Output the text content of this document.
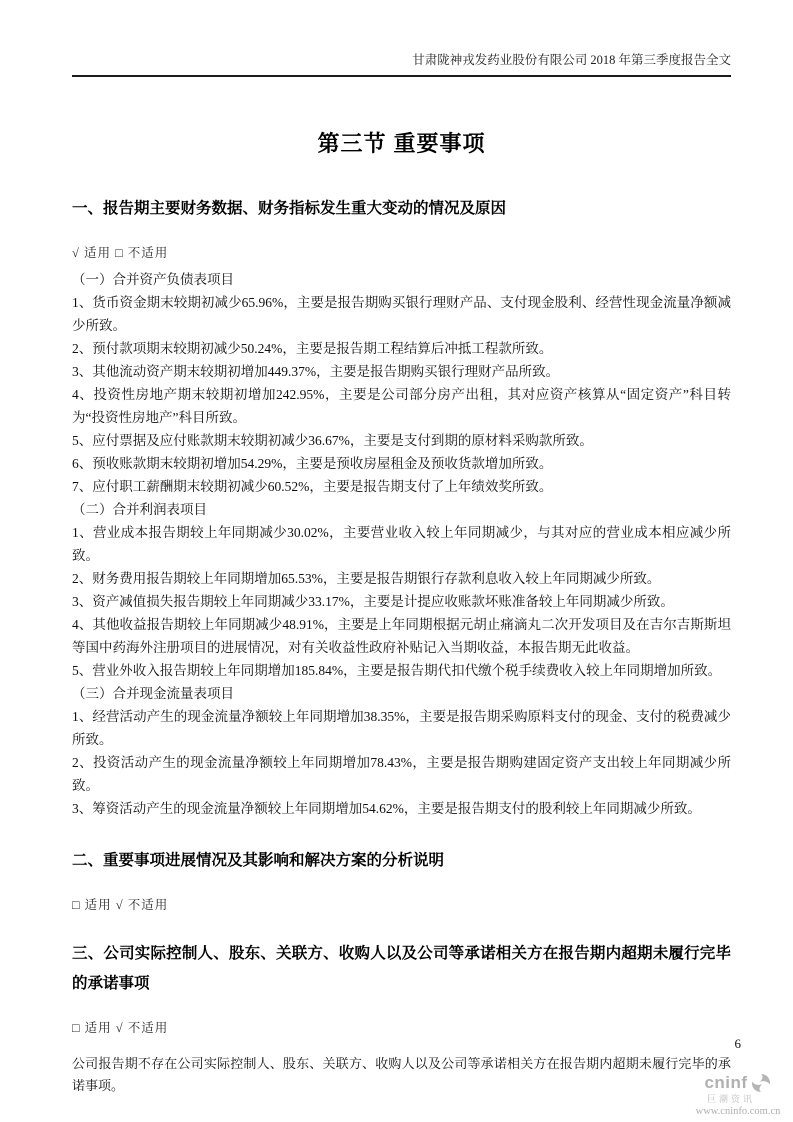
甘肃陇神戎发药业股份有限公司 2018 年第三季度报告全文
第三节 重要事项
一、报告期主要财务数据、财务指标发生重大变动的情况及原因
√ 适用 □ 不适用

（一）合并资产负债表项目

1、货币资金期末较期初减少65.96%，主要是报告期购买银行理财产品、支付现金股利、经营性现金流量净额减少所致。

2、预付款项期末较期初减少50.24%，主要是报告期工程结算后冲抵工程款所致。

3、其他流动资产期末较期初增加449.37%，主要是报告期购买银行理财产品所致。

4、投资性房地产期末较期初增加242.95%，主要是公司部分房产出租，其对应资产核算从“固定资产”科目转为“投资性房地产”科目所致。

5、应付票据及应付账款期末较期初减少36.67%，主要是支付到期的原材料采购款所致。

6、预收账款期末较期初增加54.29%，主要是预收房屋租金及预收货款增加所致。

7、应付职工薪酬期末较期初减少60.52%，主要是报告期支付了上年绩效奖所致。

（二）合并利润表项目

1、营业成本报告期较上年同期减少30.02%，主要营业收入较上年同期减少，与其对应的营业成本相应减少所致。

2、财务费用报告期较上年同期增加65.53%，主要是报告期银行存款利息收入较上年同期减少所致。

3、资产减值损失报告期较上年同期减少33.17%，主要是计提应收账款坏账准备较上年同期减少所致。

4、其他收益报告期较上年同期减少48.91%，主要是上年同期根据元胡止痛滴丸二次开发项目及在吉尔吉斯斯坦等国中药海外注册项目的进展情况，对有关收益性政府补贴记入当期收益，本报告期无此收益。

5、营业外收入报告期较上年同期增加185.84%，主要是报告期代扣代缴个税手续费收入较上年同期增加所致。

（三）合并现金流量表项目

1、经营活动产生的现金流量净额较上年同期增加38.35%，主要是报告期采购原料支付的现金、支付的税费减少所致。

2、投资活动产生的现金流量净额较上年同期增加78.43%，主要是报告期购建固定资产支出较上年同期减少所致。

3、筹资活动产生的现金流量净额较上年同期增加54.62%，主要是报告期支付的股利较上年同期减少所致。

二、重要事项进展情况及其影响和解决方案的分析说明
□ 适用 √ 不适用
三、公司实际控制人、股东、关联方、收购人以及公司等承诺相关方在报告期内超期未履行完毕的承诺事项
□ 适用 √ 不适用

公司报告期不存在公司实际控制人、股东、关联方、收购人以及公司等承诺相关方在报告期内超期未履行完毕的承诺事项。

6
cninf
巨潮资讯
www.cninfo.com.cn
